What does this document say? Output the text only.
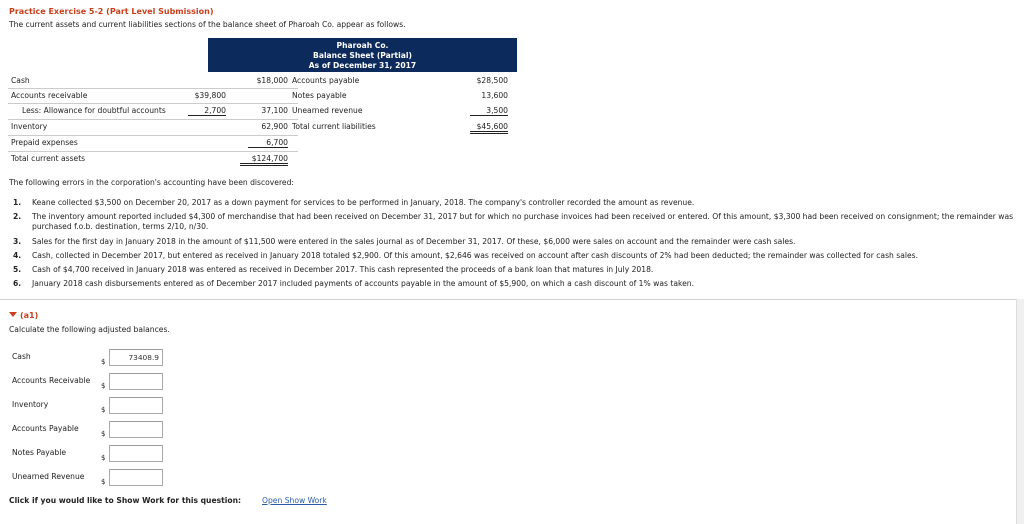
Practice Exercise 5-2 (Part Level Submission)
The current assets and current liabilities sections of the balance sheet of Pharoah Co. appear as follows.
Pharoah Co.
Balance Sheet (Partial)
As of December 31, 2017
Cash	$18,000 Accounts payable	$28,500
Accounts receivable	$39,800	Notes payable	13,600
Less: Allowance for doubtful accounts	2,700	37,100 Unearned revenue	3,500
Inventory	62,900 Total current liabilities	$45,600
Prepaid expenses	6,700
Total current assets	$124,700
The following errors in the corporation's accounting have been discovered:
1. Keane collected $3,500 on December 20, 2017 as a down payment for services to be performed in January, 2018. The company's controller recorded the amount as revenue.
2. The inventory amount reported included $4,300 of merchandise that had been received on December 31, 2017 but for which no purchase invoices had been received or entered. Of this amount, $3,300 had been received on consignment; the remainder was purchased f.o.b. destination, terms 2/10, n/30.
3. Sales for the first day in January 2018 in the amount of $11,500 were entered in the sales journal as of December 31, 2017. Of these, $6,000 were sales on account and the remainder were cash sales.
4. Cash, collected in December 2017, but entered as received in January 2018 totaled $2,900. Of this amount, $2,646 was received on account after cash discounts of 2% had been deducted; the remainder was collected for cash sales.
5. Cash of $4,700 received in January 2018 was entered as received in December 2017. This cash represented the proceeds of a bank loan that matures in July 2018.
6. January 2018 cash disbursements entered as of December 2017 included payments of accounts payable in the amount of $5,900, on which a cash discount of 1% was taken.
(a1)
Calculate the following adjusted balances.
Cash
$
73408.9
Accounts Receivable
$
Inventory
$
Accounts Payable
$
Notes Payable
$
Unearned Revenue
$
Click if you would like to Show Work for this question:	Open Show Work
